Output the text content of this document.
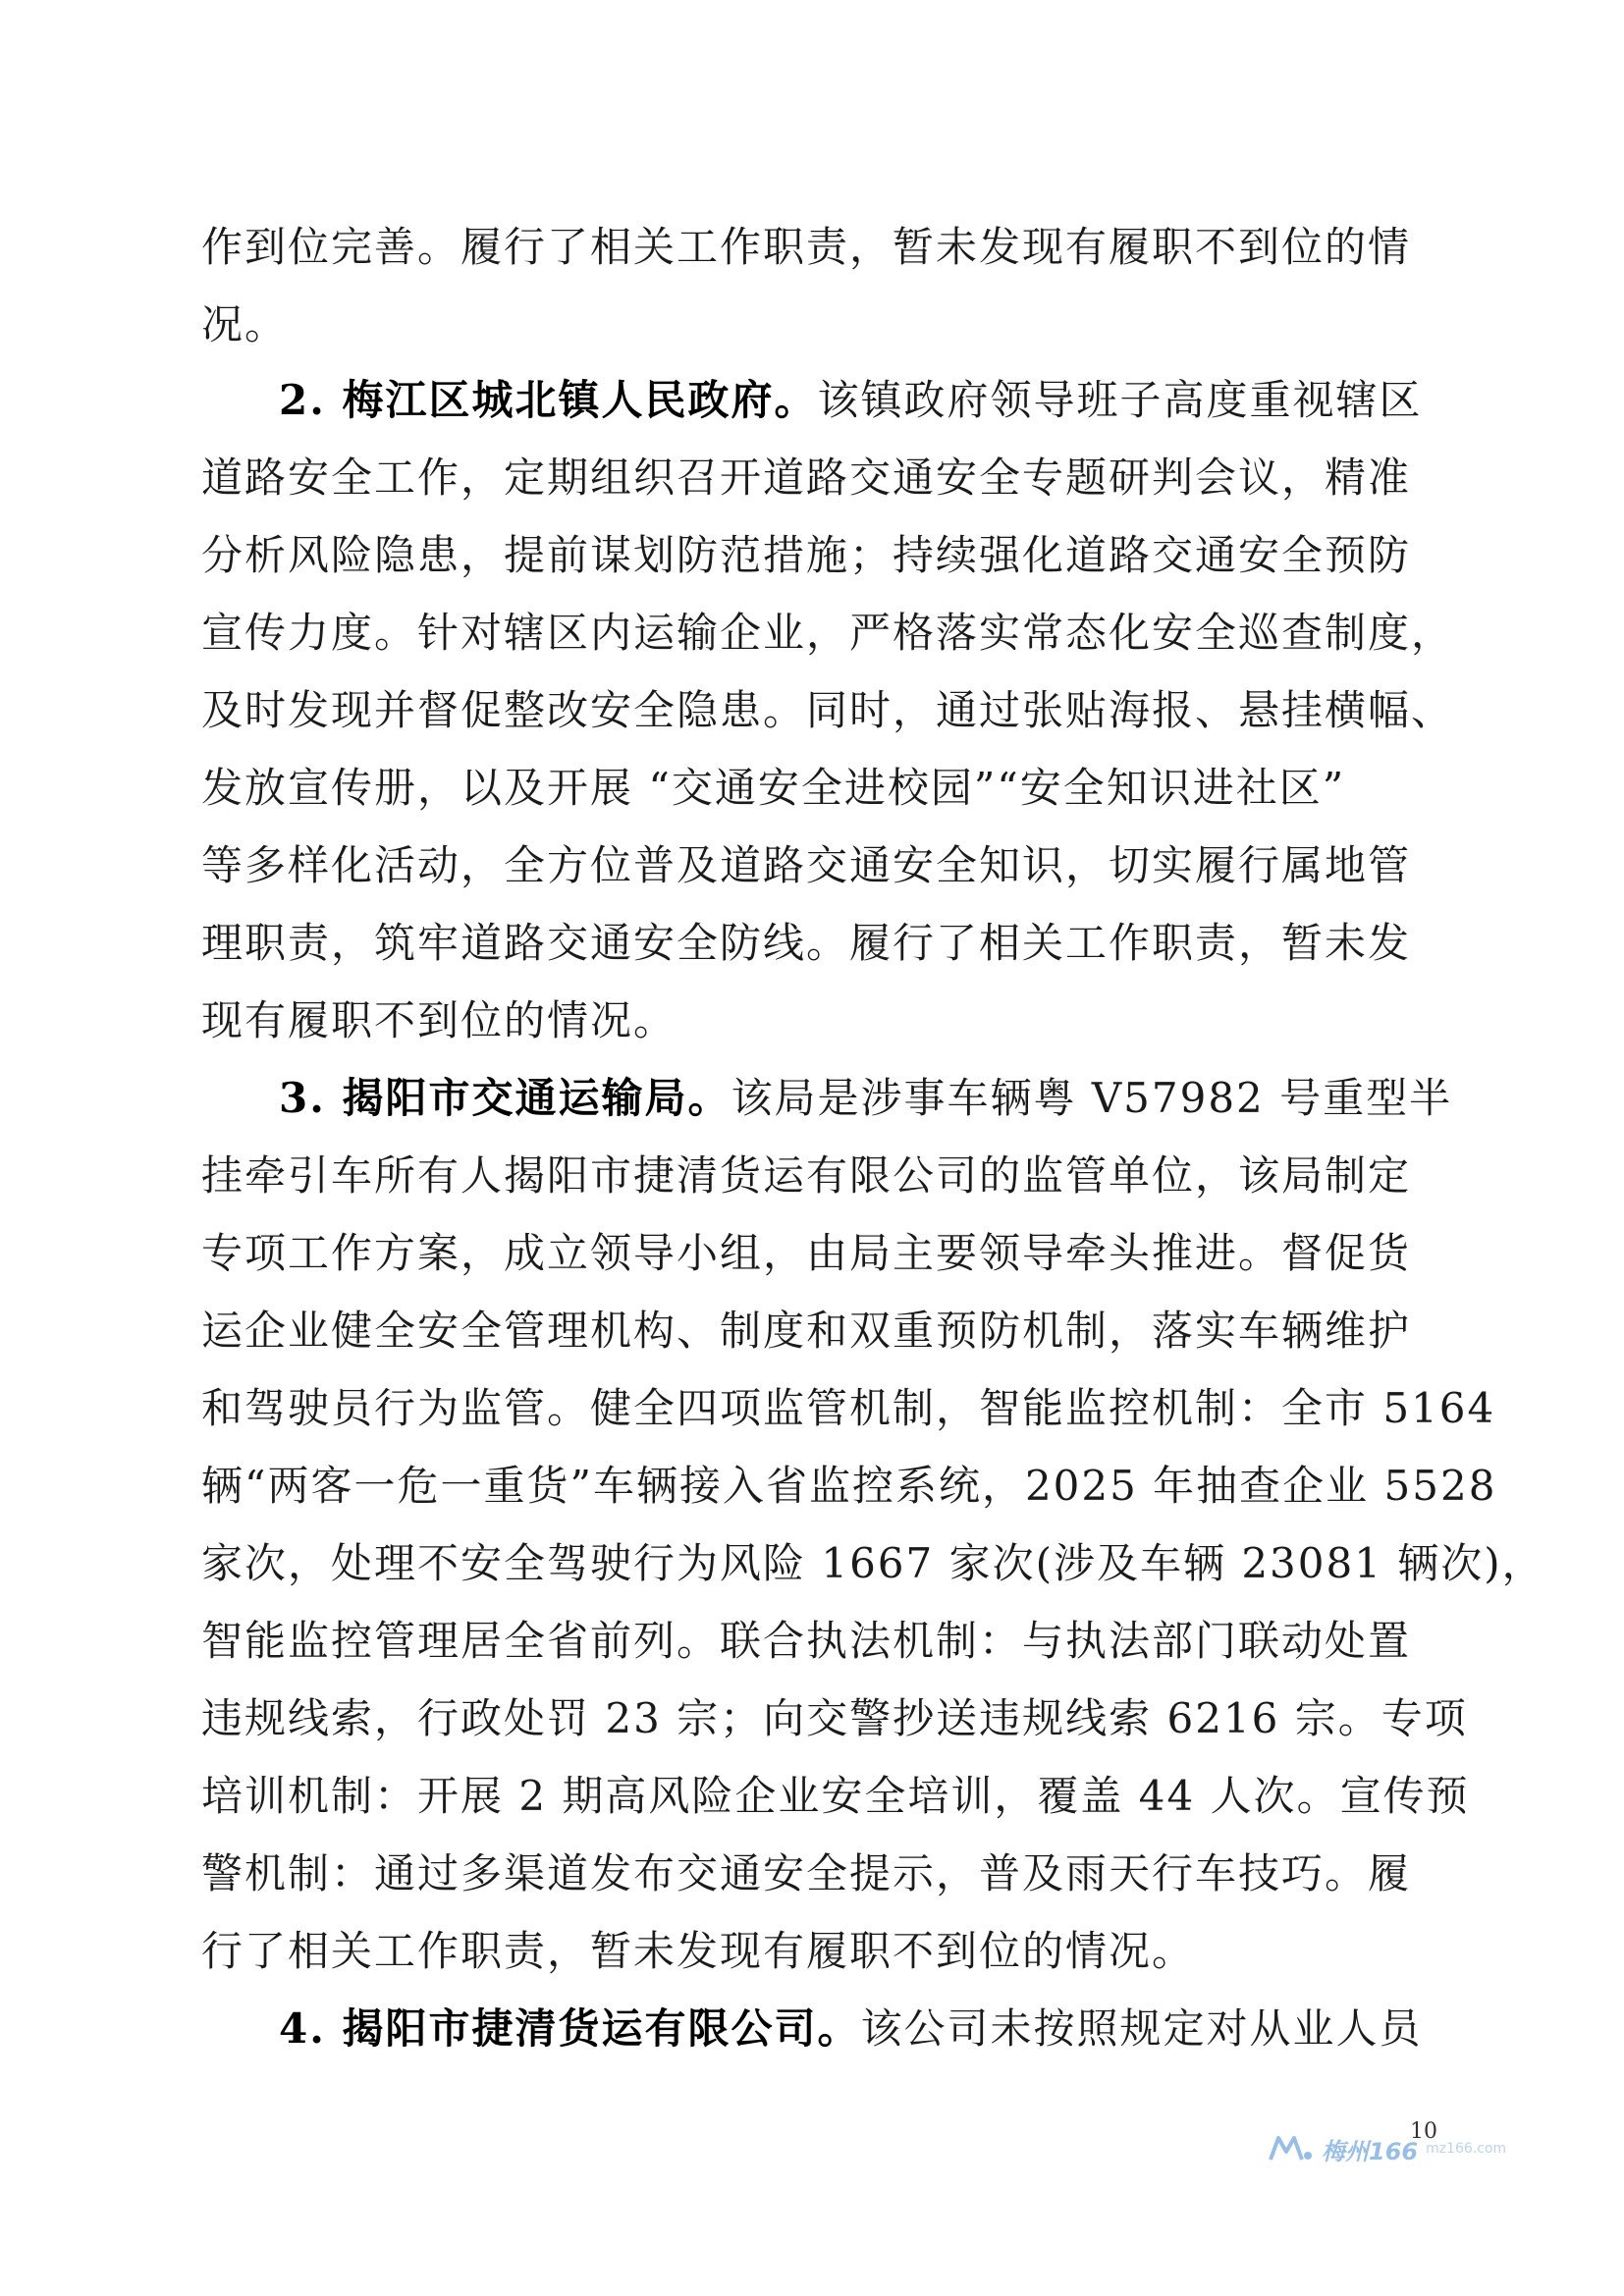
作到位完善。履行了相关工作职责，暂未发现有履职不到位的情
况。
2. 梅江区城北镇人民政府。该镇政府领导班子高度重视辖区
道路安全工作，定期组织召开道路交通安全专题研判会议，精准
分析风险隐患，提前谋划防范措施；持续强化道路交通安全预防
宣传力度。针对辖区内运输企业，严格落实常态化安全巡查制度，
及时发现并督促整改安全隐患。同时，通过张贴海报、悬挂横幅、
发放宣传册，以及开展 “交通安全进校园”“安全知识进社区”
等多样化活动，全方位普及道路交通安全知识，切实履行属地管
理职责，筑牢道路交通安全防线。履行了相关工作职责，暂未发
现有履职不到位的情况。
3. 揭阳市交通运输局。该局是涉事车辆粤 V57982 号重型半
挂牵引车所有人揭阳市捷清货运有限公司的监管单位，该局制定
专项工作方案，成立领导小组，由局主要领导牵头推进。督促货
运企业健全安全管理机构、制度和双重预防机制，落实车辆维护
和驾驶员行为监管。健全四项监管机制，智能监控机制：全市 5164
辆“两客一危一重货”车辆接入省监控系统，2025 年抽查企业 5528
家次，处理不安全驾驶行为风险 1667 家次(涉及车辆 23081 辆次)，
智能监控管理居全省前列。联合执法机制：与执法部门联动处置
违规线索，行政处罚 23 宗；向交警抄送违规线索 6216 宗。专项
培训机制：开展 2 期高风险企业安全培训，覆盖 44 人次。宣传预
警机制：通过多渠道发布交通安全提示，普及雨天行车技巧。履
行了相关工作职责，暂未发现有履职不到位的情况。
4. 揭阳市捷清货运有限公司。该公司未按照规定对从业人员
10
梅州166 mz166.com
